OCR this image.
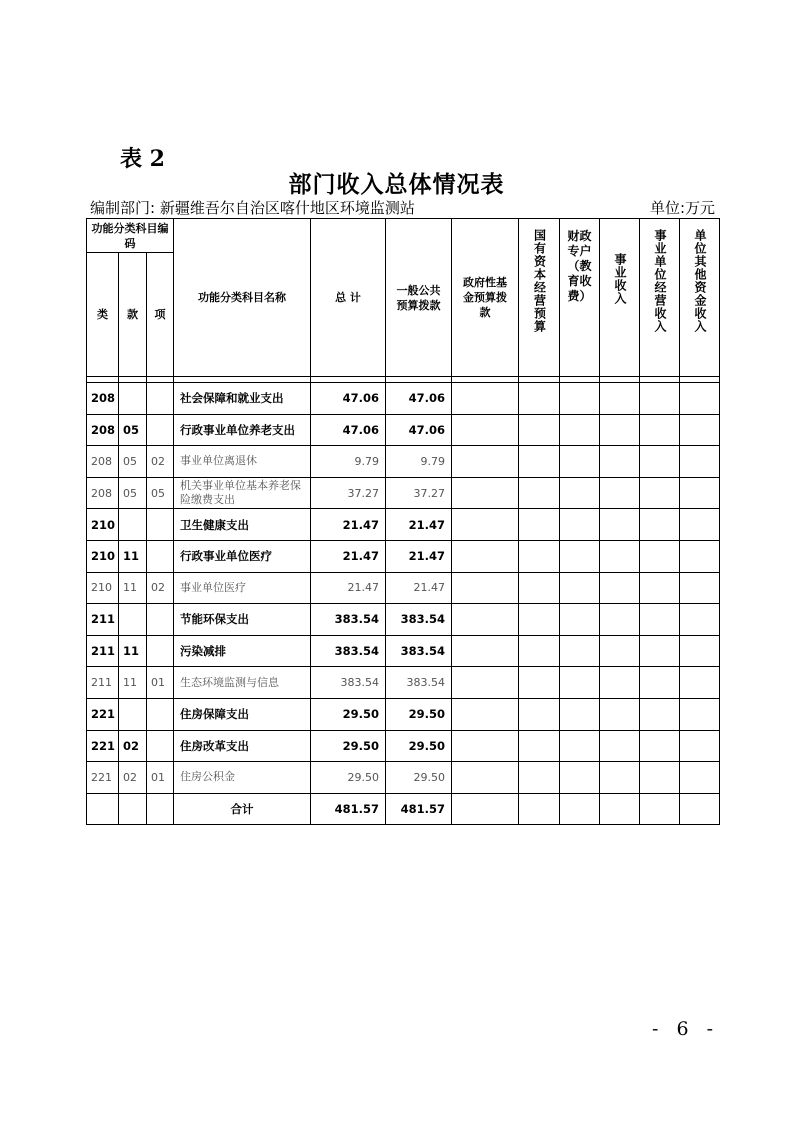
表 2
部门收入总体情况表
编制部门: 新疆维吾尔自治区喀什地区环境监测站	单位:万元
功能分类科目编码			功能分类科目名称	总 计	一般公共预算拨款	政府性基金预算拨款	国有资本经营预算	财政专户（教育收费）	事业收入	事业单位经营收入	单位其他资金收入
类	款	项									

208			社会保障和就业支出	47.06	47.06						
208	05		行政事业单位养老支出	47.06	47.06						
208	05	02	事业单位离退休	9.79	9.79						
208	05	05	机关事业单位基本养老保险缴费支出	37.27	37.27						
210			卫生健康支出	21.47	21.47						
210	11		行政事业单位医疗	21.47	21.47						
210	11	02	事业单位医疗	21.47	21.47						
211			节能环保支出	383.54	383.54						
211	11		污染减排	383.54	383.54						
211	11	01	生态环境监测与信息	383.54	383.54						
221			住房保障支出	29.50	29.50						
221	02		住房改革支出	29.50	29.50						
221	02	01	住房公积金	29.50	29.50						
			合计	481.57	481.57						
- 6 -
